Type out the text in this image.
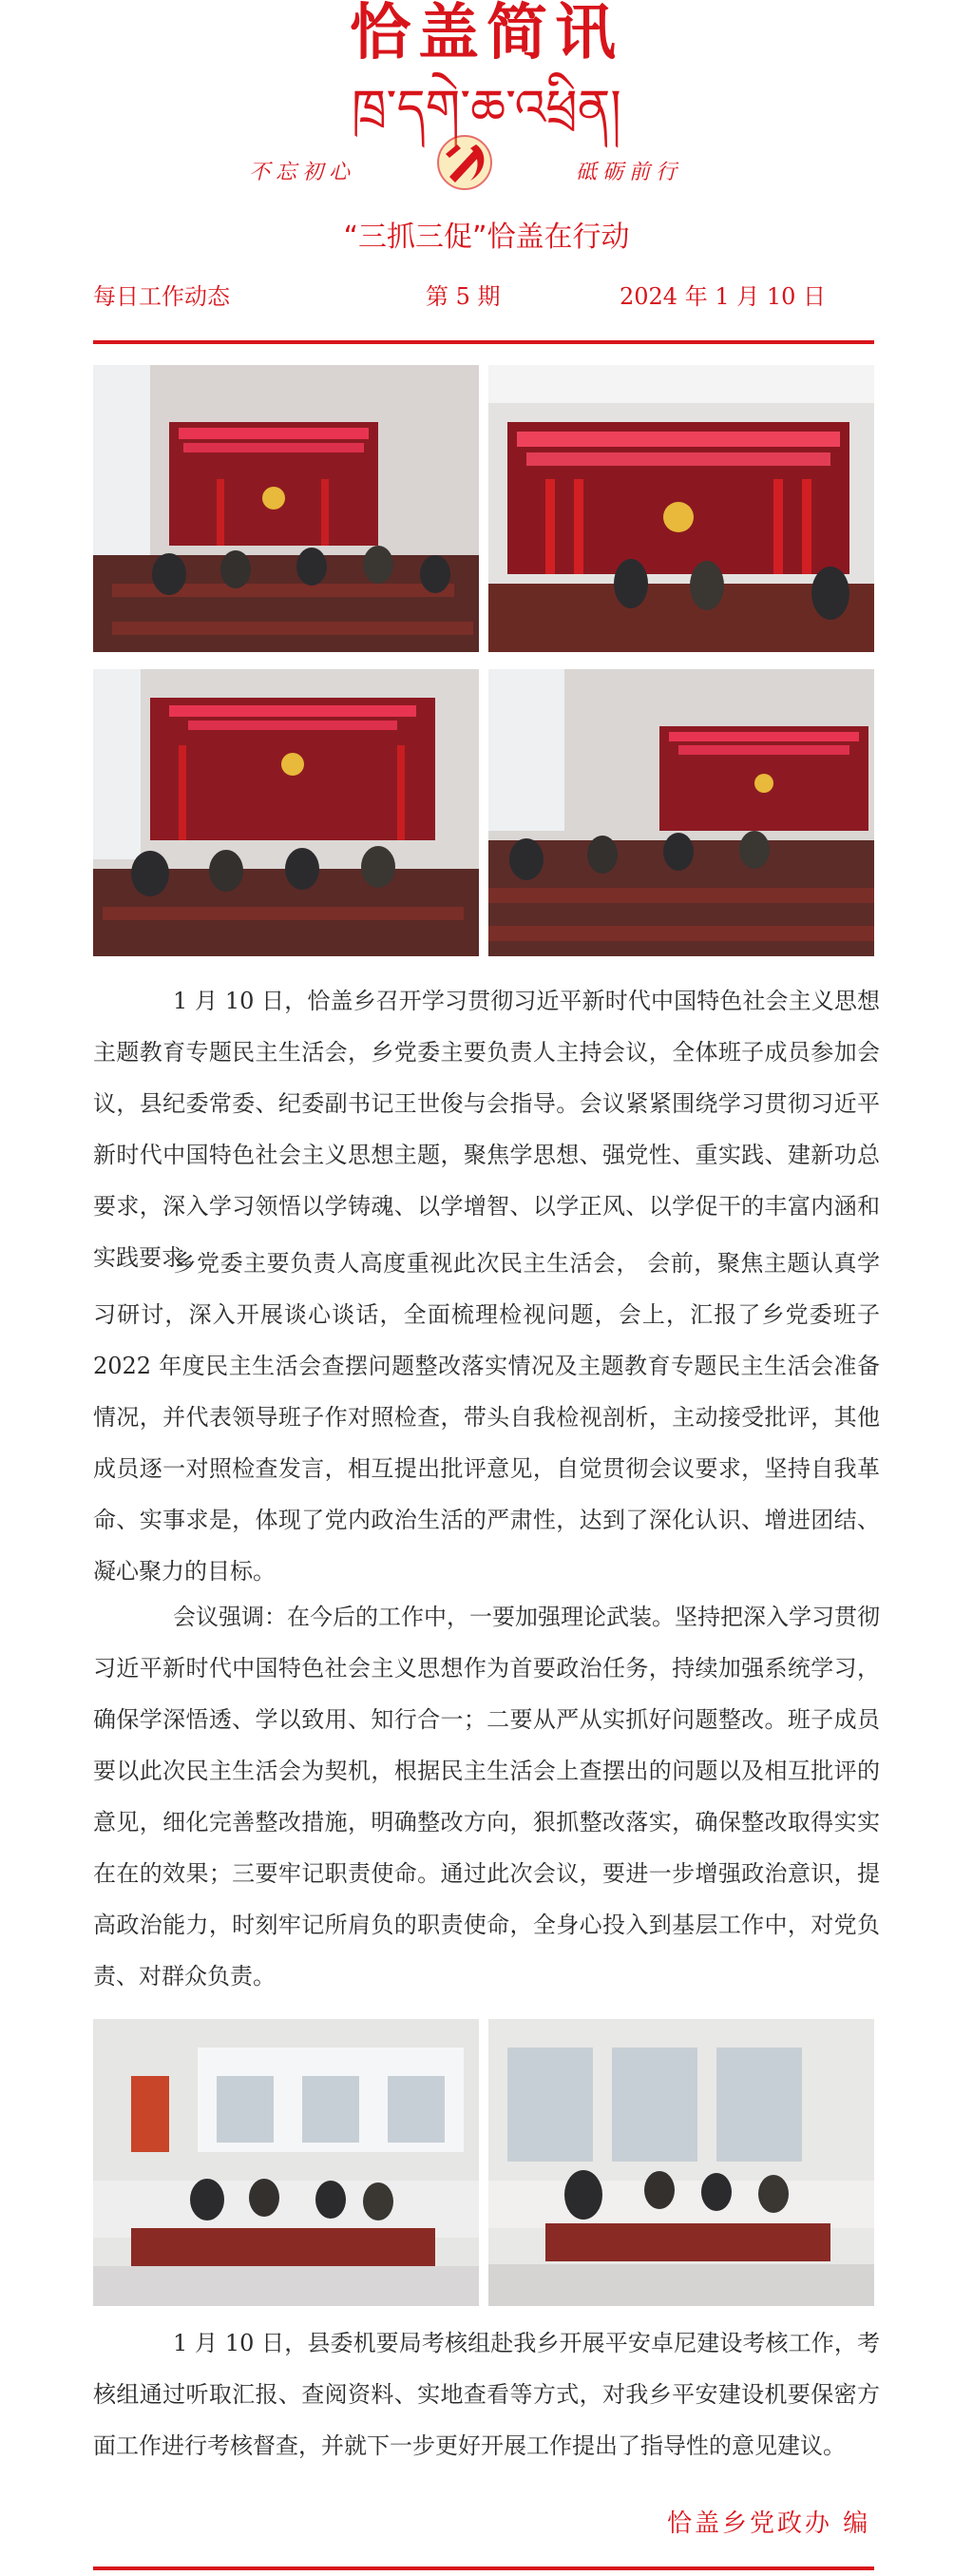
恰盖简讯
ཁྲ་དགེ་ཆ་འཕྲིན།
不忘初心	砥砺前行
“三抓三促”恰盖在行动
每日工作动态	第 5 期	2024 年 1 月 10 日
1 月 10 日，恰盖乡召开学习贯彻习近平新时代中国特色社会主义思想主题教育专题民主生活会，乡党委主要负责人主持会议，全体班子成员参加会议，县纪委常委、纪委副书记王世俊与会指导。会议紧紧围绕学习贯彻习近平新时代中国特色社会主义思想主题，聚焦学思想、强党性、重实践、建新功总要求，深入学习领悟以学铸魂、以学增智、以学正风、以学促干的丰富内涵和实践要求。
乡党委主要负责人高度重视此次民主生活会， 会前，聚焦主题认真学习研讨，深入开展谈心谈话，全面梳理检视问题，会上，汇报了乡党委班子 2022 年度民主生活会查摆问题整改落实情况及主题教育专题民主生活会准备情况，并代表领导班子作对照检查，带头自我检视剖析，主动接受批评，其他成员逐一对照检查发言，相互提出批评意见，自觉贯彻会议要求，坚持自我革命、实事求是，体现了党内政治生活的严肃性，达到了深化认识、增进团结、凝心聚力的目标。
会议强调：在今后的工作中，一要加强理论武装。坚持把深入学习贯彻习近平新时代中国特色社会主义思想作为首要政治任务，持续加强系统学习，确保学深悟透、学以致用、知行合一；二要从严从实抓好问题整改。班子成员要以此次民主生活会为契机，根据民主生活会上查摆出的问题以及相互批评的意见，细化完善整改措施，明确整改方向，狠抓整改落实，确保整改取得实实在在的效果；三要牢记职责使命。通过此次会议，要进一步增强政治意识，提高政治能力，时刻牢记所肩负的职责使命，全身心投入到基层工作中，对党负责、对群众负责。
1 月 10 日，县委机要局考核组赴我乡开展平安卓尼建设考核工作，考核组通过听取汇报、查阅资料、实地查看等方式，对我乡平安建设机要保密方面工作进行考核督查，并就下一步更好开展工作提出了指导性的意见建议。
恰盖乡党政办 编
